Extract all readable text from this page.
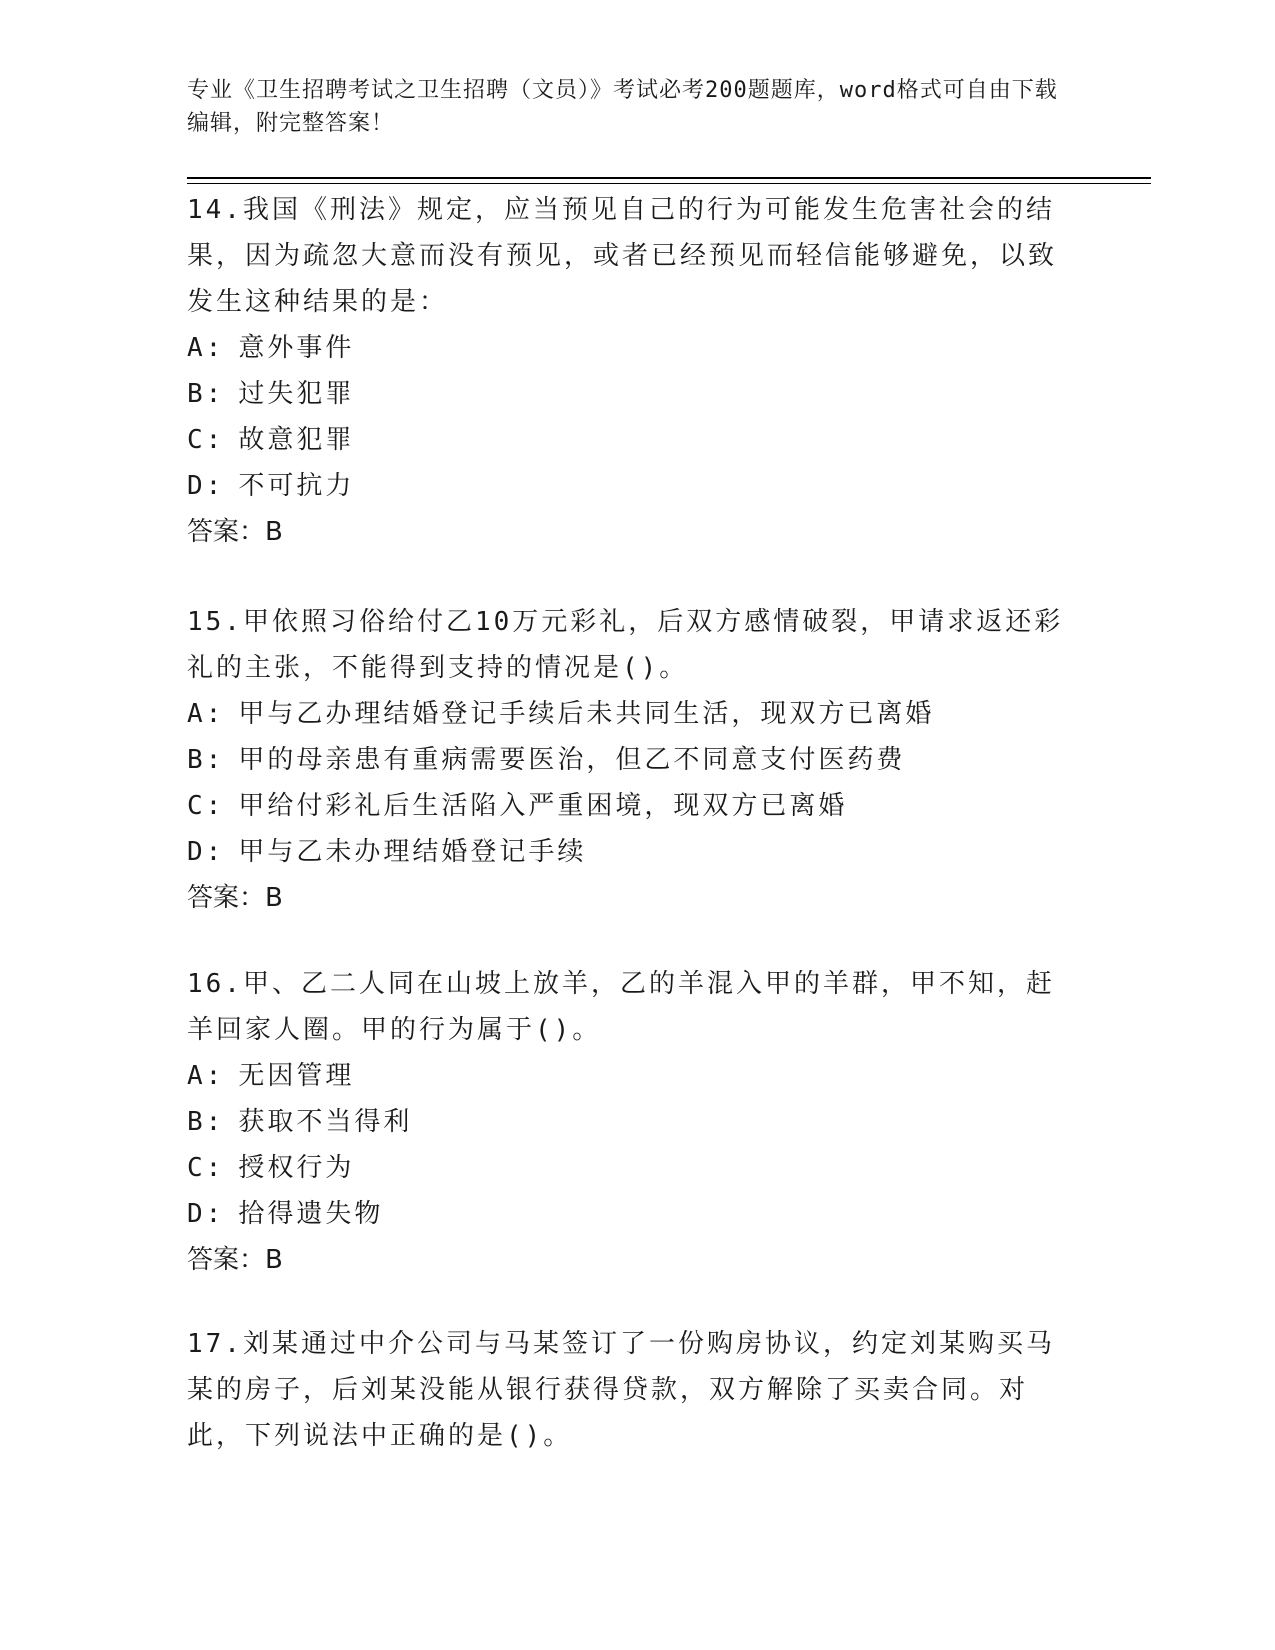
专业《卫生招聘考试之卫生招聘（文员）》考试必考200题题库，word格式可自由下载编辑，附完整答案！
14.我国《刑法》规定，应当预见自己的行为可能发生危害社会的结果，因为疏忽大意而没有预见，或者已经预见而轻信能够避免，以致发生这种结果的是：
A: 意外事件
B: 过失犯罪
C: 故意犯罪
D: 不可抗力
答案：B
15.甲依照习俗给付乙10万元彩礼，后双方感情破裂，甲请求返还彩礼的主张，不能得到支持的情况是()。
A: 甲与乙办理结婚登记手续后未共同生活，现双方已离婚
B: 甲的母亲患有重病需要医治，但乙不同意支付医药费
C: 甲给付彩礼后生活陷入严重困境，现双方已离婚
D: 甲与乙未办理结婚登记手续
答案：B
16.甲、乙二人同在山坡上放羊，乙的羊混入甲的羊群，甲不知，赶羊回家人圈。甲的行为属于()。
A: 无因管理
B: 获取不当得利
C: 授权行为
D: 拾得遗失物
答案：B
17.刘某通过中介公司与马某签订了一份购房协议，约定刘某购买马某的房子，后刘某没能从银行获得贷款，双方解除了买卖合同。对此，下列说法中正确的是()。
